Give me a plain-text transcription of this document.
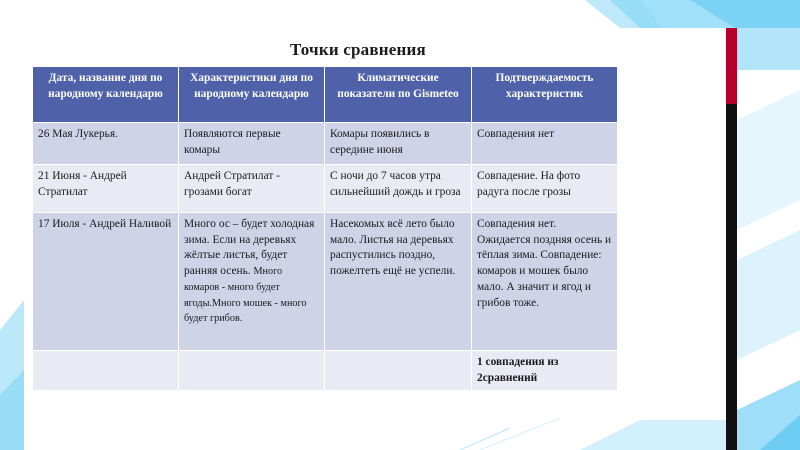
Точки сравнения
Дата, название дня по народному календарю	Характеристики дня по народному календарю	Климатические показатели по Gismeteo	Подтверждаемость характеристик
26 Мая Лукерья.	Появляются первые комары	Комары появились в середине июня	Совпадения нет
21 Июня - Андрей Стратилат	Андрей Стратилат - грозами богат	С ночи до 7 часов утра сильнейший дождь и гроза	Совпадение. На фото радуга после грозы
17 Июля - Андрей Наливой	Много ос – будет холодная зима. Если на деревьях жёлтые листья, будет ранняя осень. Много комаров - много будет ягоды.Много мошек - много будет грибов.	Насекомых всё лето было мало. Листья на деревьях распустились поздно, пожелтеть ещё не успели.	Совпадения нет. Ожидается поздняя осень и тёплая зима. Совпадение: комаров и мошек было мало. А значит и ягод и грибов тоже.
			1 совпадения из 2сравнений
